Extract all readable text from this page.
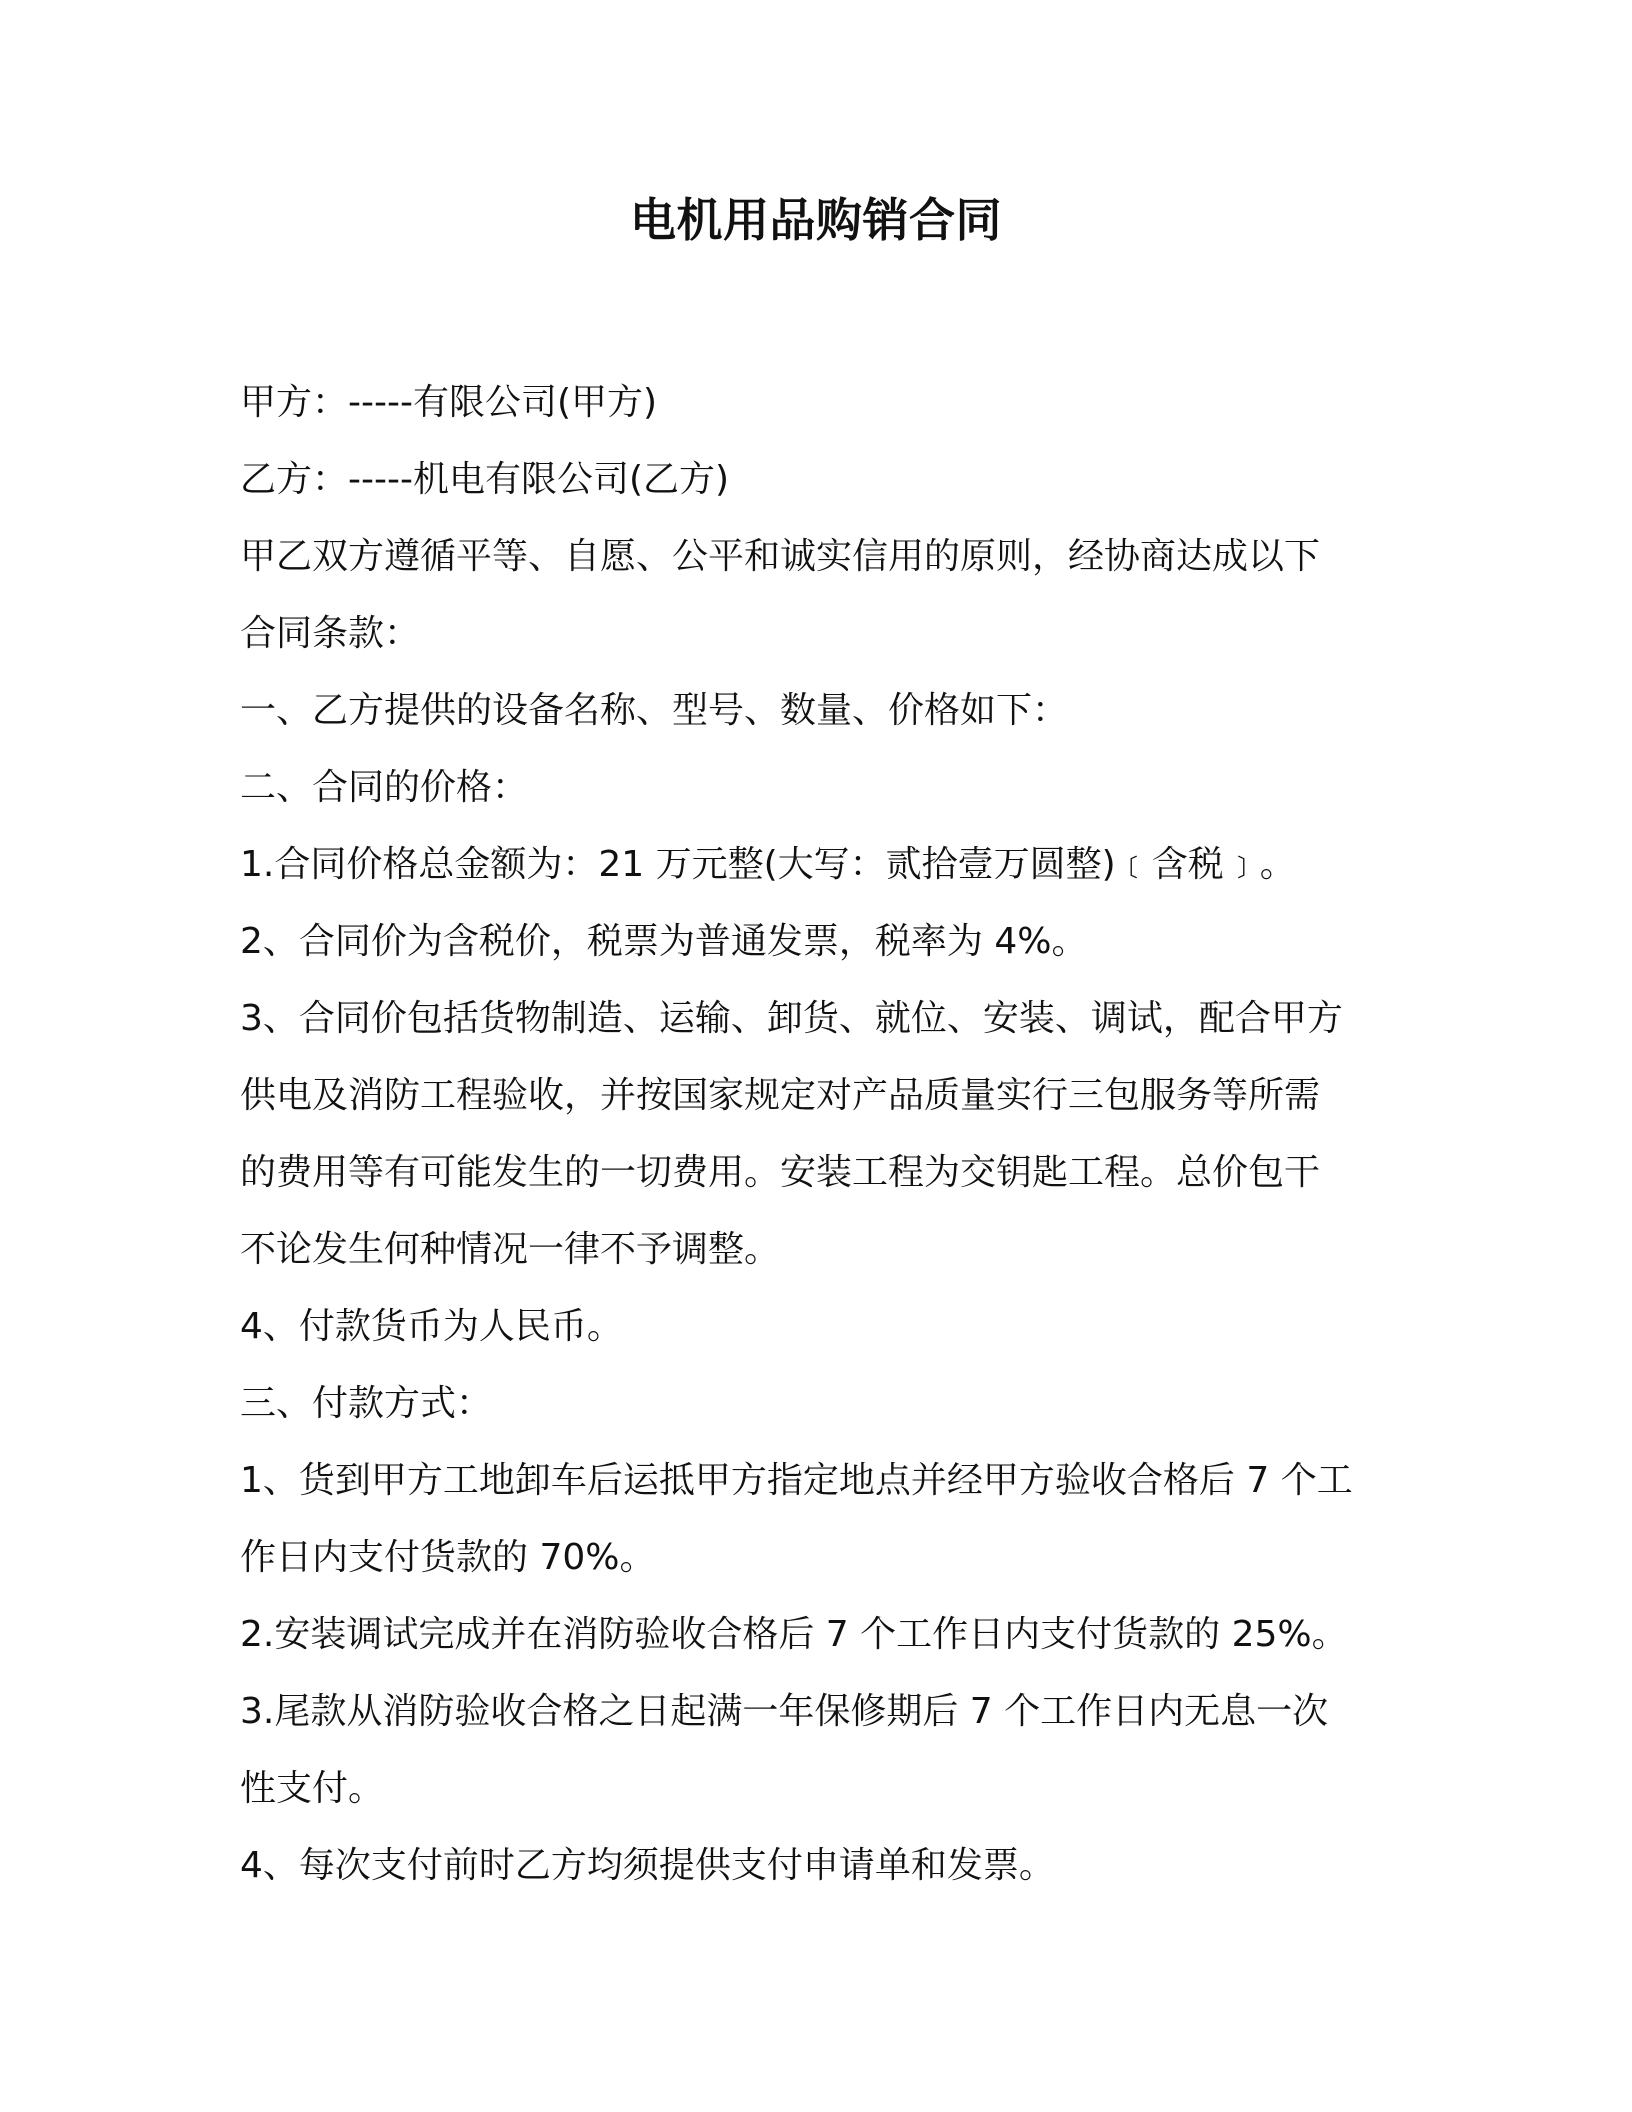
电机用品购销合同
甲方：-----有限公司(甲方)
乙方：-----机电有限公司(乙方)
甲乙双方遵循平等、自愿、公平和诚实信用的原则，经协商达成以下
合同条款：
一、乙方提供的设备名称、型号、数量、价格如下：
二、合同的价格：
1.合同价格总金额为：21 万元整(大写：贰拾壹万圆整)﹝含税﹞。
2、合同价为含税价，税票为普通发票，税率为 4%。
3、合同价包括货物制造、运输、卸货、就位、安装、调试，配合甲方
供电及消防工程验收，并按国家规定对产品质量实行三包服务等所需
的费用等有可能发生的一切费用。安装工程为交钥匙工程。总价包干
不论发生何种情况一律不予调整。
4、付款货币为人民币。
三、付款方式：
1、货到甲方工地卸车后运抵甲方指定地点并经甲方验收合格后 7 个工
作日内支付货款的 70%。
2.安装调试完成并在消防验收合格后 7 个工作日内支付货款的 25%。
3.尾款从消防验收合格之日起满一年保修期后 7 个工作日内无息一次
性支付。
4、每次支付前时乙方均须提供支付申请单和发票。
